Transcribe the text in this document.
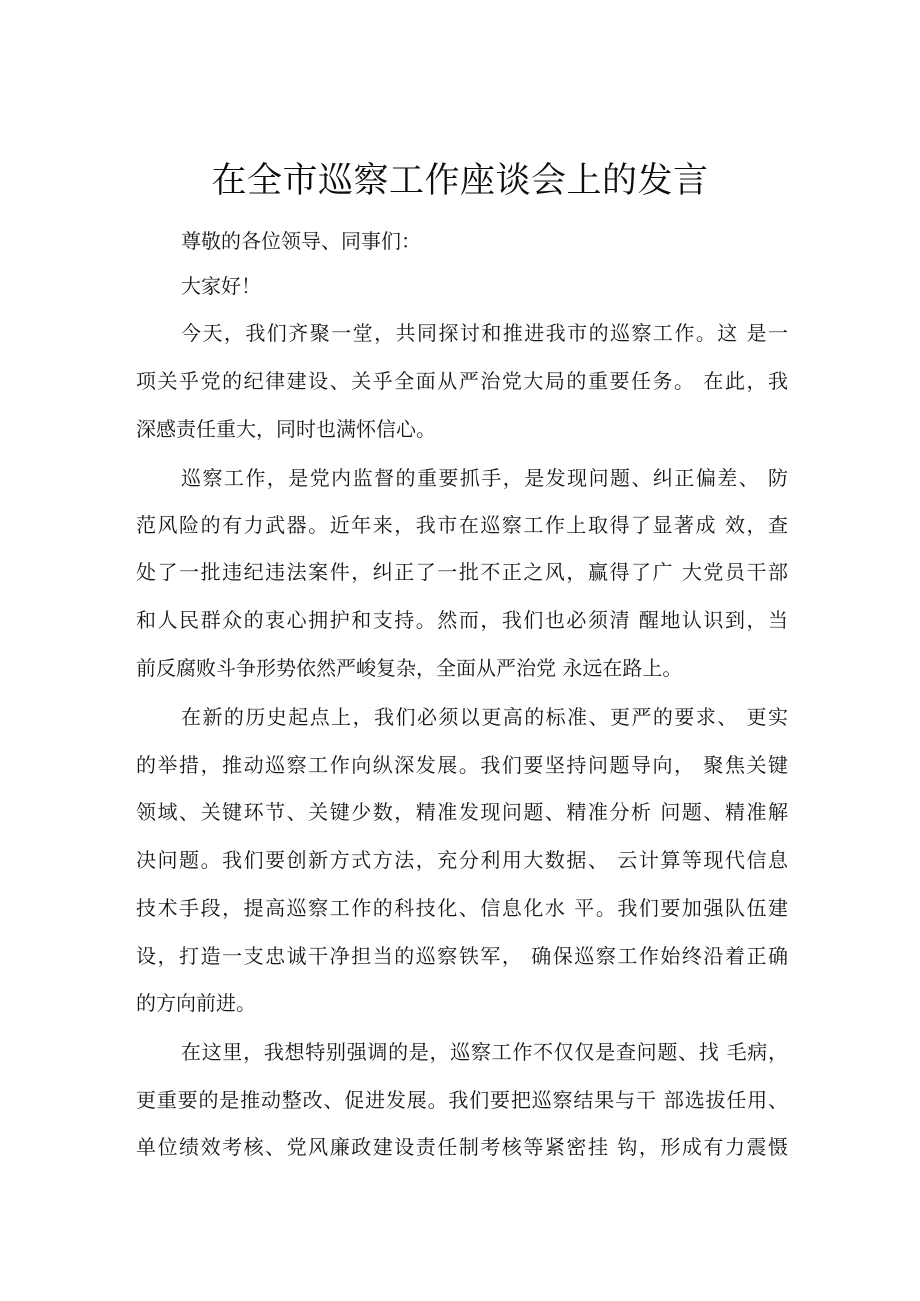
在全市巡察工作座谈会上的发言

尊敬的各位领导、同事们：

大家好！

今天，我们齐聚一堂，共同探讨和推进我市的巡察工作。这 是一

项关乎党的纪律建设、关乎全面从严治党大局的重要任务。 在此，我

深感责任重大，同时也满怀信心。

巡察工作，是党内监督的重要抓手，是发现问题、纠正偏差、 防

范风险的有力武器。近年来，我市在巡察工作上取得了显著成 效，查

处了一批违纪违法案件，纠正了一批不正之风，赢得了广 大党员干部

和人民群众的衷心拥护和支持。然而，我们也必须清 醒地认识到，当

前反腐败斗争形势依然严峻复杂，全面从严治党 永远在路上。

在新的历史起点上，我们必须以更高的标准、更严的要求、 更实

的举措，推动巡察工作向纵深发展。我们要坚持问题导向， 聚焦关键

领域、关键环节、关键少数，精准发现问题、精准分析 问题、精准解

决问题。我们要创新方式方法，充分利用大数据、 云计算等现代信息

技术手段，提高巡察工作的科技化、信息化水 平。我们要加强队伍建

设，打造一支忠诚干净担当的巡察铁军， 确保巡察工作始终沿着正确

的方向前进。

在这里，我想特别强调的是，巡察工作不仅仅是查问题、找 毛病，

更重要的是推动整改、促进发展。我们要把巡察结果与干 部选拔任用、

单位绩效考核、党风廉政建设责任制考核等紧密挂 钩，形成有力震慑
